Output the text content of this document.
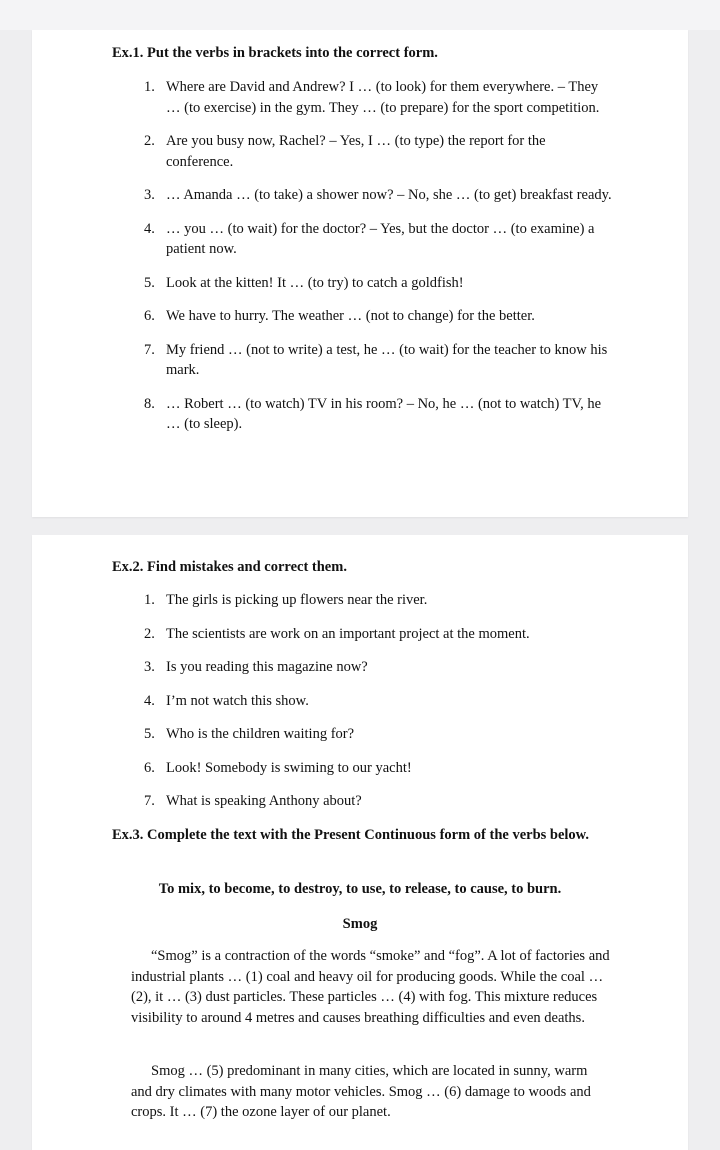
Ex.1. Put the verbs in brackets into the correct form.
1. Where are David and Andrew? I … (to look) for them everywhere. – They … (to exercise) in the gym. They … (to prepare) for the sport competition.
2. Are you busy now, Rachel? – Yes, I … (to type) the report for the conference.
3. … Amanda … (to take) a shower now? – No, she … (to get) breakfast ready.
4. … you … (to wait) for the doctor? – Yes, but the doctor … (to examine) a patient now.
5. Look at the kitten! It … (to try) to catch a goldfish!
6. We have to hurry. The weather … (not to change) for the better.
7. My friend … (not to write) a test, he … (to wait) for the teacher to know his mark.
8. … Robert … (to watch) TV in his room? – No, he … (not to watch) TV, he … (to sleep).
Ex.2. Find mistakes and correct them.
1. The girls is picking up flowers near the river.
2. The scientists are work on an important project at the moment.
3. Is you reading this magazine now?
4. I’m not watch this show.
5. Who is the children waiting for?
6. Look! Somebody is swiming to our yacht!
7. What is speaking Anthony about?
Ex.3. Complete the text with the Present Continuous form of the verbs below.

To mix, to become, to destroy, to use, to release, to cause, to burn.

Smog

“Smog” is a contraction of the words “smoke” and “fog”. A lot of factories and industrial plants … (1) coal and heavy oil for producing goods. While the coal … (2), it … (3) dust particles. These particles … (4) with fog. This mixture reduces visibility to around 4 metres and causes breathing difficulties and even deaths.

Smog … (5) predominant in many cities, which are located in sunny, warm and dry climates with many motor vehicles. Smog … (6) damage to woods and crops. It … (7) the ozone layer of our planet.
